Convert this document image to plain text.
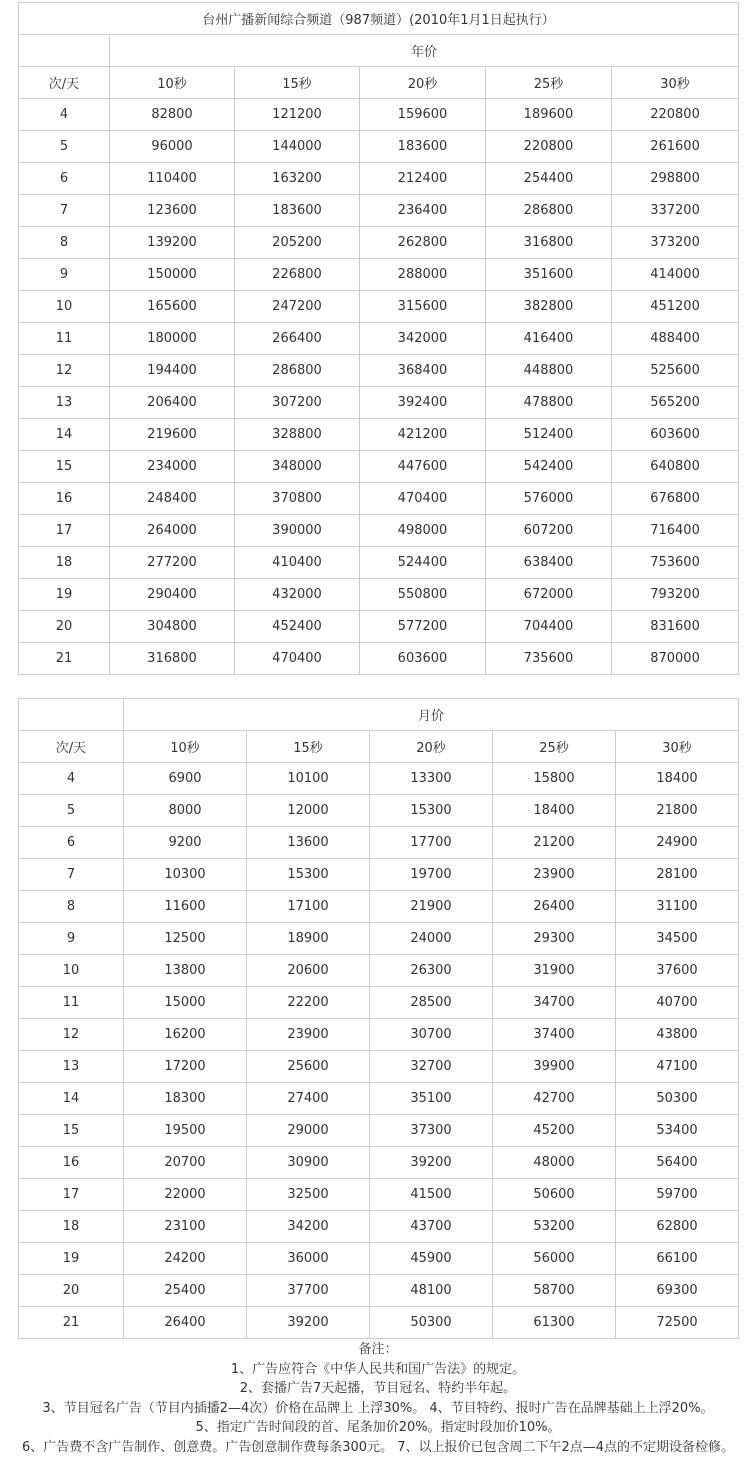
台州广播新闻综合频道（987频道）(2010年1月1日起执行）					
	年价				
次/天	10秒	15秒	20秒	25秒	30秒
4	82800	121200	159600	189600	220800
5	96000	144000	183600	220800	261600
6	110400	163200	212400	254400	298800
7	123600	183600	236400	286800	337200
8	139200	205200	262800	316800	373200
9	150000	226800	288000	351600	414000
10	165600	247200	315600	382800	451200
11	180000	266400	342000	416400	488400
12	194400	286800	368400	448800	525600
13	206400	307200	392400	478800	565200
14	219600	328800	421200	512400	603600
15	234000	348000	447600	542400	640800
16	248400	370800	470400	576000	676800
17	264000	390000	498000	607200	716400
18	277200	410400	524400	638400	753600
19	290400	432000	550800	672000	793200
20	304800	452400	577200	704400	831600
21	316800	470400	603600	735600	870000
	月价				
次/天	10秒	15秒	20秒	25秒	30秒
4	6900	10100	13300	15800	18400
5	8000	12000	15300	18400	21800
6	9200	13600	17700	21200	24900
7	10300	15300	19700	23900	28100
8	11600	17100	21900	26400	31100
9	12500	18900	24000	29300	34500
10	13800	20600	26300	31900	37600
11	15000	22200	28500	34700	40700
12	16200	23900	30700	37400	43800
13	17200	25600	32700	39900	47100
14	18300	27400	35100	42700	50300
15	19500	29000	37300	45200	53400
16	20700	30900	39200	48000	56400
17	22000	32500	41500	50600	59700
18	23100	34200	43700	53200	62800
19	24200	36000	45900	56000	66100
20	25400	37700	48100	58700	69300
21	26400	39200	50300	61300	72500
备注：
1、广告应符合《中华人民共和国广告法》的规定。
2、套播广告7天起播，节目冠名、特约半年起。
3、节目冠名广告（节目内插播2—4次）价格在品牌上 上浮30%。 4、节目特约、报时广告在品牌基础上上浮20%。
5、指定广告时间段的首、尾条加价20%。指定时段加价10%。
6、广告费不含广告制作、创意费。广告创意制作费每条300元。 7、以上报价已包含周二下午2点—4点的不定期设备检修。
